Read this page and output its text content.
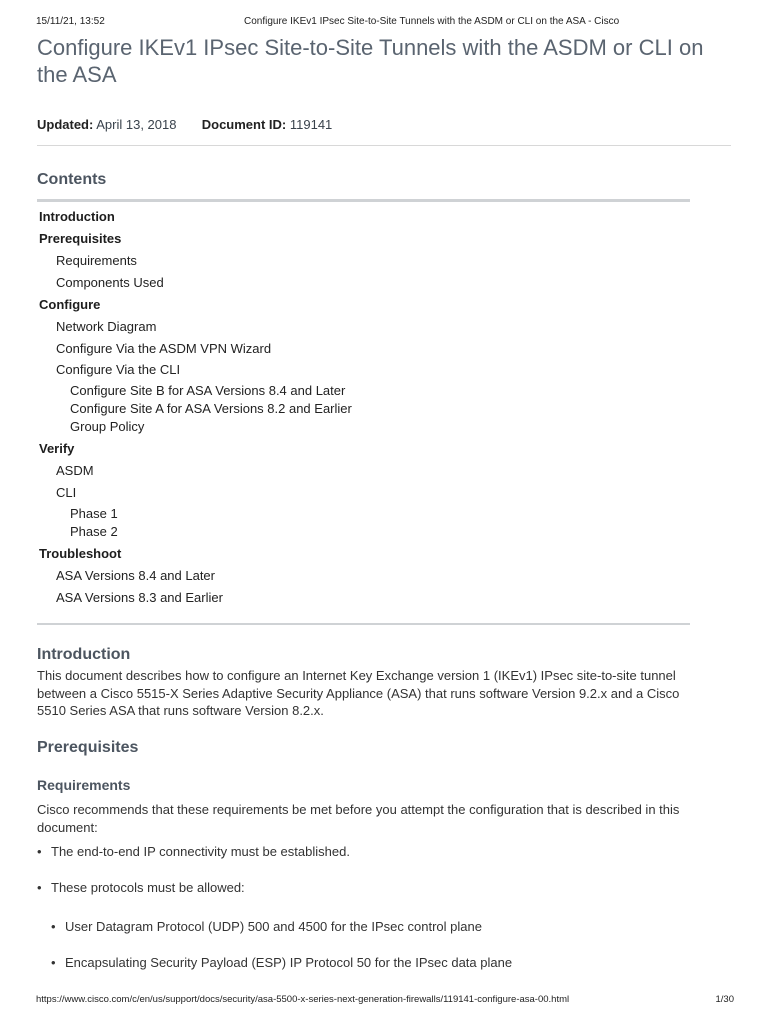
15/11/21, 13:52	Configure IKEv1 IPsec Site-to-Site Tunnels with the ASDM or CLI on the ASA - Cisco
Configure IKEv1 IPsec Site-to-Site Tunnels with the ASDM or CLI on the ASA
Updated: April 13, 2018 Document ID: 119141
Contents
Introduction
Prerequisites
Requirements
Components Used
Configure
Network Diagram
Configure Via the ASDM VPN Wizard
Configure Via the CLI
Configure Site B for ASA Versions 8.4 and Later
Configure Site A for ASA Versions 8.2 and Earlier
Group Policy
Verify
ASDM
CLI
Phase 1
Phase 2
Troubleshoot
ASA Versions 8.4 and Later
ASA Versions 8.3 and Earlier
Introduction

This document describes how to configure an Internet Key Exchange version 1 (IKEv1) IPsec site-to-site tunnel between a Cisco 5515-X Series Adaptive Security Appliance (ASA) that runs software Version 9.2.x and a Cisco 5510 Series ASA that runs software Version 8.2.x.

Prerequisites
Requirements

Cisco recommends that these requirements be met before you attempt the configuration that is described in this document:

• The end-to-end IP connectivity must be established.
• These protocols must be allowed:
• User Datagram Protocol (UDP) 500 and 4500 for the IPsec control plane
• Encapsulating Security Payload (ESP) IP Protocol 50 for the IPsec data plane
https://www.cisco.com/c/en/us/support/docs/security/asa-5500-x-series-next-generation-firewalls/119141-configure-asa-00.html	1/30
